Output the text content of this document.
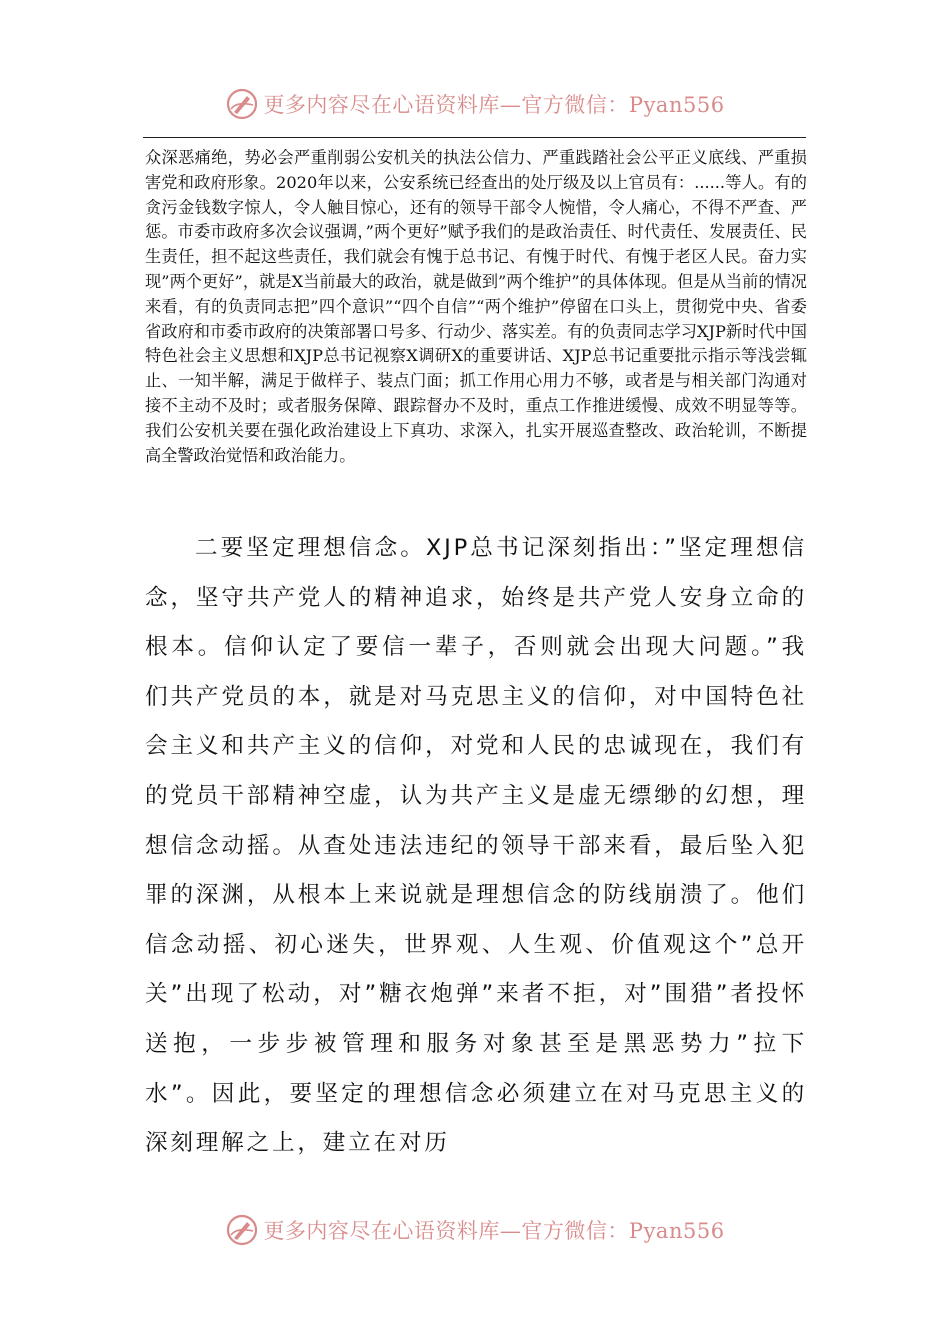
更多内容尽在心语资料库—官方微信：Pyan556

众深恶痛绝，势必会严重削弱公安机关的执法公信力、严重践踏社会公平正义底线、严重损害党和政府形象。2020年以来，公安系统已经查出的处厅级及以上官员有：......等人。有的贪污金钱数字惊人，令人触目惊心，还有的领导干部令人惋惜，令人痛心，不得不严查、严惩。市委市政府多次会议强调，”两个更好”赋予我们的是政治责任、时代责任、发展责任、民生责任，担不起这些责任，我们就会有愧于总书记、有愧于时代、有愧于老区人民。奋力实现”两个更好”，就是X当前最大的政治，就是做到”两个维护”的具体体现。但是从当前的情况来看，有的负责同志把”四个意识”“四个自信”“两个维护”停留在口头上，贯彻党中央、省委省政府和市委市政府的决策部署口号多、行动少、落实差。有的负责同志学习XJP新时代中国特色社会主义思想和XJP总书记视察X调研X的重要讲话、XJP总书记重要批示指示等浅尝辄止、一知半解，满足于做样子、装点门面；抓工作用心用力不够，或者是与相关部门沟通对接不主动不及时；或者服务保障、跟踪督办不及时，重点工作推进缓慢、成效不明显等等。我们公安机关要在强化政治建设上下真功、求深入，扎实开展巡查整改、政治轮训，不断提高全警政治觉悟和政治能力。

二要坚定理想信念。XJP总书记深刻指出：”坚定理想信念，坚守共产党人的精神追求，始终是共产党人安身立命的根本。信仰认定了要信一辈子，否则就会出现大问题。”我们共产党员的本，就是对马克思主义的信仰，对中国特色社会主义和共产主义的信仰，对党和人民的忠诚现在，我们有的党员干部精神空虚，认为共产主义是虚无缥缈的幻想，理想信念动摇。从查处违法违纪的领导干部来看，最后坠入犯罪的深渊，从根本上来说就是理想信念的防线崩溃了。他们信念动摇、初心迷失，世界观、人生观、价值观这个”总开关”出现了松动，对”糖衣炮弹”来者不拒，对”围猎”者投怀送抱，一步步被管理和服务对象甚至是黑恶势力”拉下水”。因此，要坚定的理想信念必须建立在对马克思主义的深刻理解之上，建立在对历

更多内容尽在心语资料库—官方微信：Pyan556
